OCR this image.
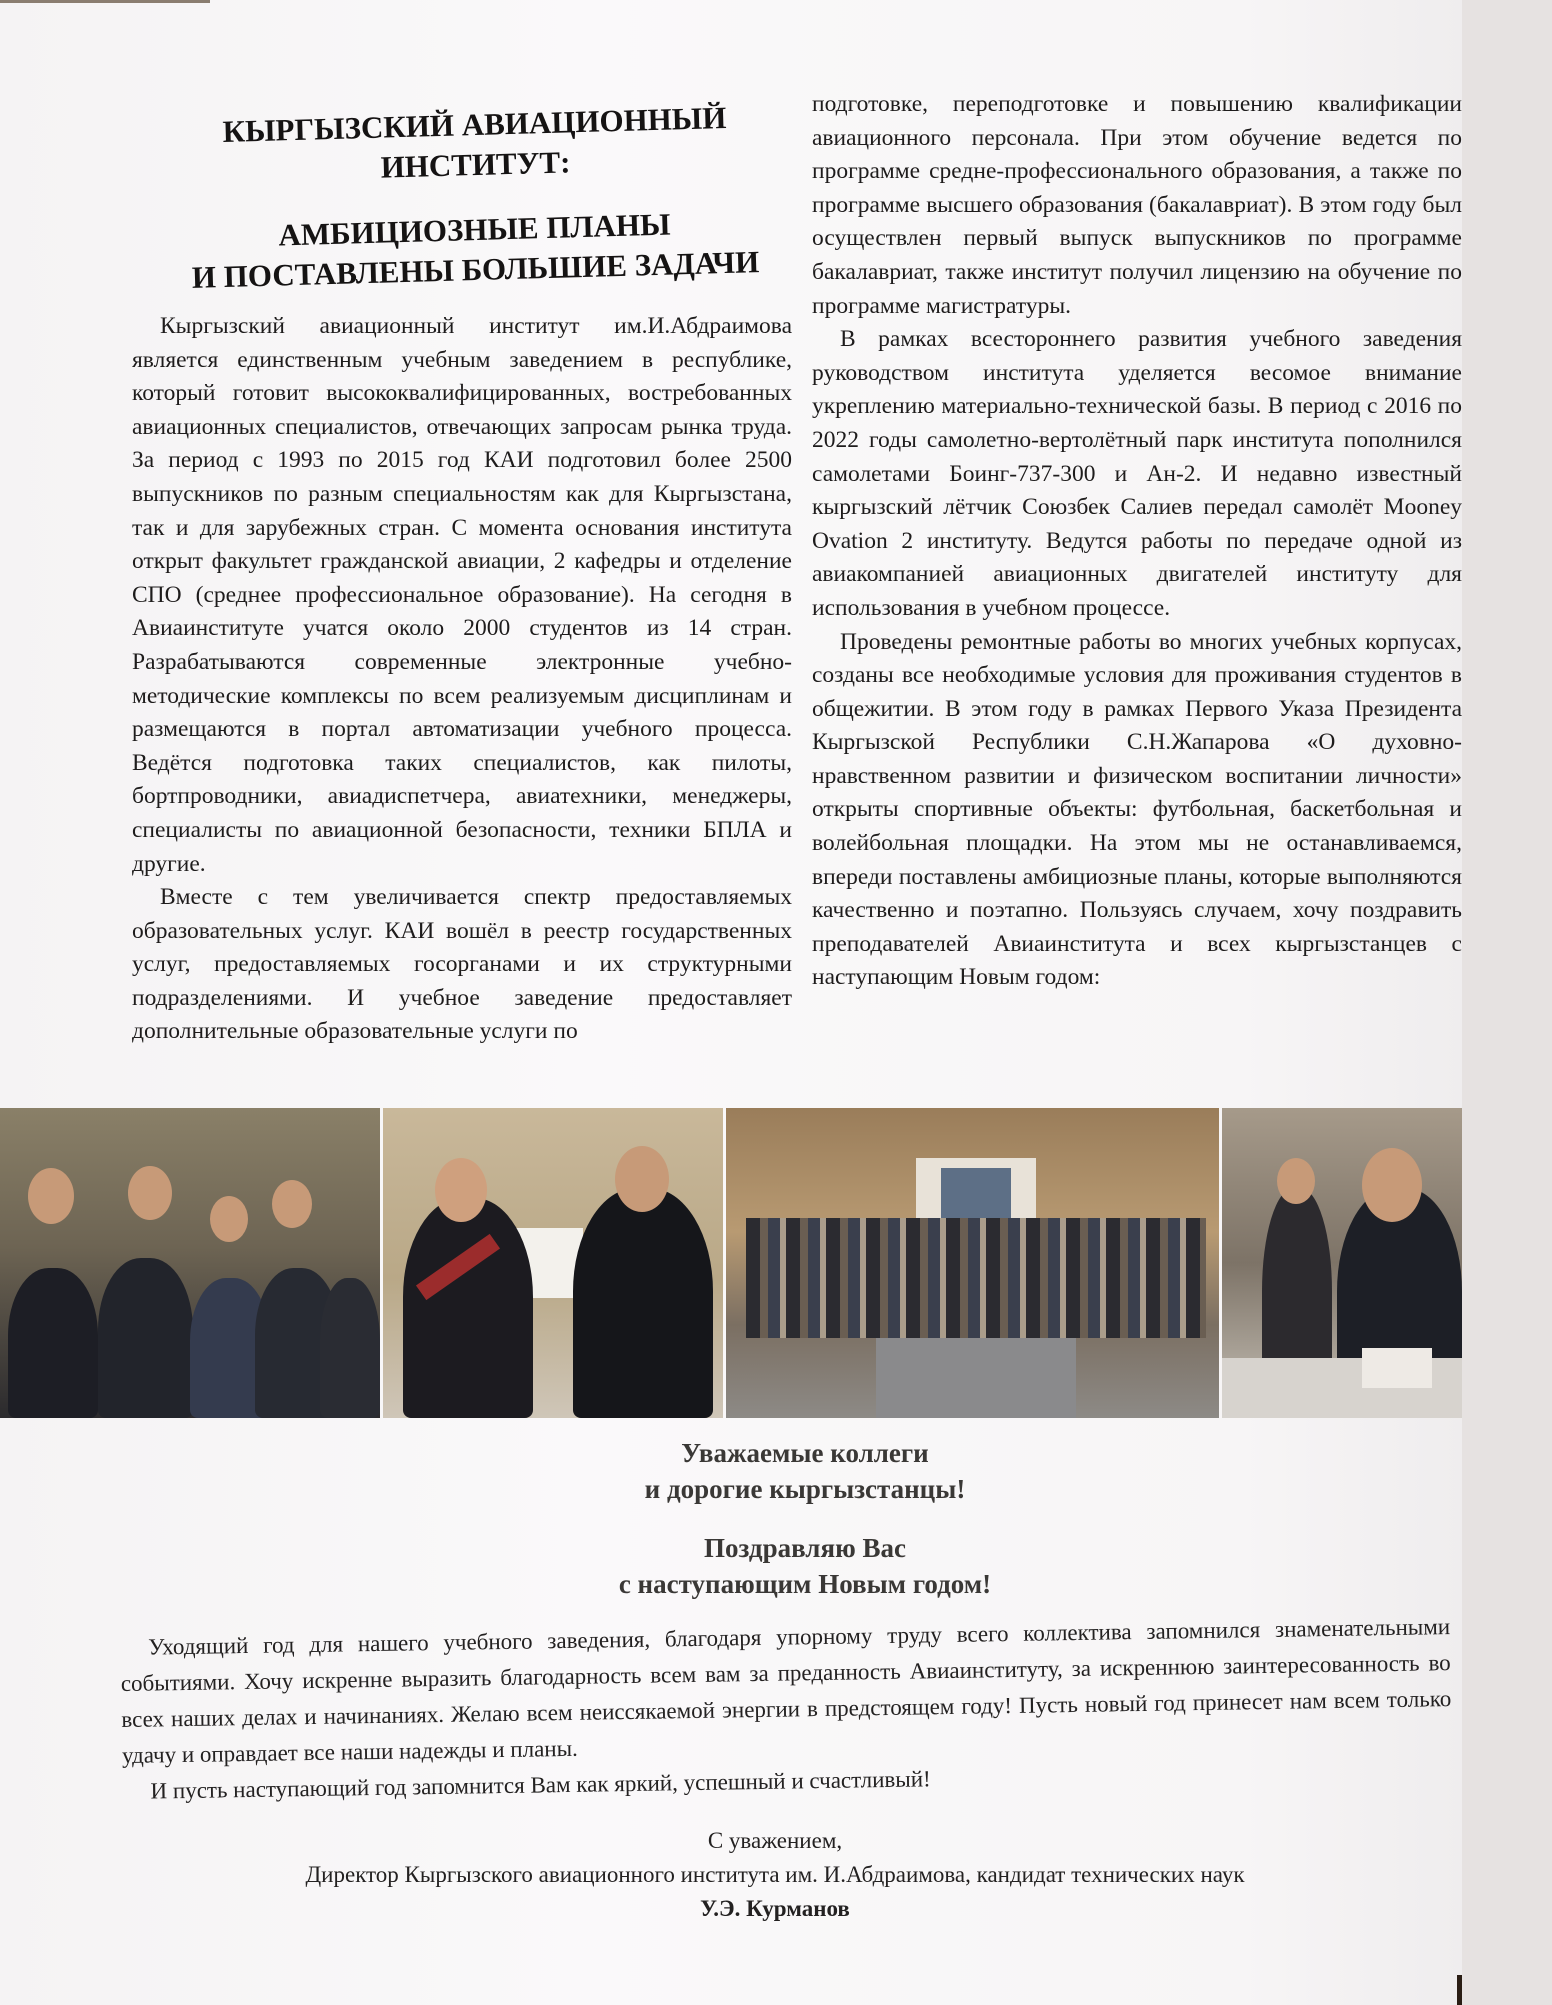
КЫРГЫЗСКИЙ АВИАЦИОННЫЙ
ИНСТИТУТ:
АМБИЦИОЗНЫЕ ПЛАНЫ
И ПОСТАВЛЕНЫ БОЛЬШИЕ ЗАДАЧИ

Кыргызский авиационный институт им.И.Абдраимова является единственным учебным заведением в республике, который готовит высококвалифицированных, востребованных авиационных специалистов, отвечающих запросам рынка труда. За период с 1993 по 2015 год КАИ подготовил более 2500 выпускников по разным специальностям как для Кыргызстана, так и для зарубежных стран. С момента основания института открыт факультет гражданской авиации, 2 кафедры и отделение СПО (среднее профессиональное образование). На сегодня в Авиаинституте учатся около 2000 студентов из 14 стран. Разрабатываются современные электронные учебно-методические комплексы по всем реализуемым дисциплинам и размещаются в портал автоматизации учебного процесса. Ведётся подготовка таких специалистов, как пилоты, бортпроводники, авиадиспетчера, авиатехники, менеджеры, специалисты по авиационной безопасности, техники БПЛА и другие.

Вместе с тем увеличивается спектр предоставляемых образовательных услуг. КАИ вошёл в реестр государственных услуг, предоставляемых госорганами и их структурными подразделениями. И учебное заведение предоставляет дополнительные образовательные услуги по

подготовке, переподготовке и повышению квалификации авиационного персонала. При этом обучение ведется по программе средне-профессионального образования, а также по программе высшего образования (бакалавриат). В этом году был осуществлен первый выпуск выпускников по программе бакалавриат, также институт получил лицензию на обучение по программе магистратуры.

В рамках всестороннего развития учебного заведения руководством института уделяется весомое внимание укреплению материально-технической базы. В период с 2016 по 2022 годы самолетно-вертолётный парк института пополнился самолетами Боинг-737-300 и Ан-2. И недавно известный кыргызский лётчик Союзбек Салиев передал самолёт Mooney Ovation 2 институту. Ведутся работы по передаче одной из авиакомпанией авиационных двигателей институту для использования в учебном процессе.

Проведены ремонтные работы во многих учебных корпусах, созданы все необходимые условия для проживания студентов в общежитии. В этом году в рамках Первого Указа Президента Кыргызской Республики С.Н.Жапарова «О духовно-нравственном развитии и физическом воспитании личности» открыты спортивные объекты: футбольная, баскетбольная и волейбольная площадки. На этом мы не останавливаемся, впереди поставлены амбициозные планы, которые выполняются качественно и поэтапно. Пользуясь случаем, хочу поздравить преподавателей Авиаинститута и всех кыргызстанцев с наступающим Новым годом:

Уважаемые коллеги
и дорогие кыргызстанцы!
Поздравляю Вас
с наступающим Новым годом!

Уходящий год для нашего учебного заведения, благодаря упорному труду всего коллектива запомнился знаменательными событиями. Хочу искренне выразить благодарность всем вам за преданность Авиаинституту, за искреннюю заинтересованность во всех наших делах и начинаниях. Желаю всем неиссякаемой энергии в предстоящем году! Пусть новый год принесет нам всем только удачу и оправдает все наши надежды и планы.

И пусть наступающий год запомнится Вам как яркий, успешный и счастливый!

С уважением,
Директор Кыргызского авиационного института им. И.Абдраимова, кандидат технических наук
У.Э. Курманов
